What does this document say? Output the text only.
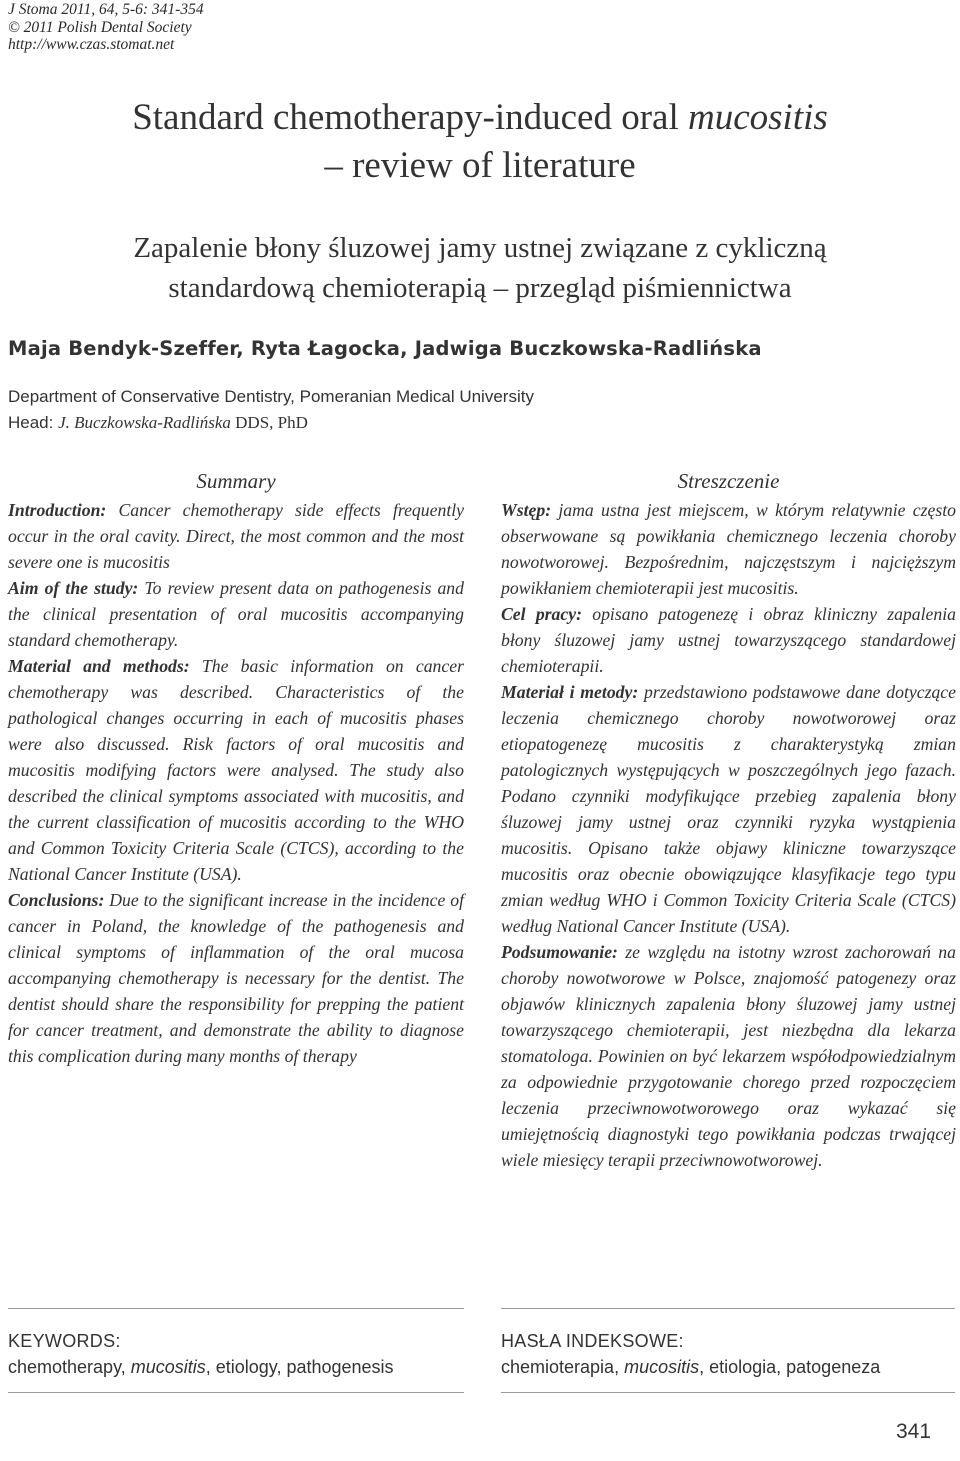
J Stoma 2011, 64, 5-6: 341-354
© 2011 Polish Dental Society
http://www.czas.stomat.net
Standard chemotherapy-induced oral mucositis
– review of literature
Zapalenie błony śluzowej jamy ustnej związane z cykliczną
standardową chemioterapią – przegląd piśmiennictwa
Maja Bendyk-Szeffer, Ryta Łagocka, Jadwiga Buczkowska-Radlińska
Department of Conservative Dentistry, Pomeranian Medical University
Head: J. Buczkowska-Radlińska DDS, PhD
Summary

Introduction: Cancer chemotherapy side effects frequently occur in the oral cavity. Direct, the most common and the most severe one is mucositis

Aim of the study: To review present data on pathogenesis and the clinical presentation of oral mucositis accompanying standard chemotherapy.

Material and methods: The basic information on cancer chemotherapy was described. Characteristics of the pathological changes occurring in each of mucositis phases were also discussed. Risk factors of oral mucositis and mucositis modifying factors were analysed. The study also described the clinical symptoms associated with mucositis, and the current classification of mucositis according to the WHO and Common Toxicity Criteria Scale (CTCS), according to the National Cancer Institute (USA).

Conclusions: Due to the significant increase in the incidence of cancer in Poland, the knowledge of the pathogenesis and clinical symptoms of inflammation of the oral mucosa accompanying chemotherapy is necessary for the dentist. The dentist should share the responsibility for prepping the patient for cancer treatment, and demonstrate the ability to diagnose this complication during many months of therapy

Streszczenie

Wstęp: jama ustna jest miejscem, w którym relatywnie często obserwowane są powikłania chemicznego leczenia choroby nowotworowej. Bezpośrednim, najczęstszym i najcięższym powikłaniem chemioterapii jest mucositis.

Cel pracy: opisano patogenezę i obraz kliniczny zapalenia błony śluzowej jamy ustnej towarzyszącego standardowej chemioterapii.

Materiał i metody: przedstawiono podstawowe dane dotyczące leczenia chemicznego choroby nowotworowej oraz etiopatogenezę mucositis z charakterystyką zmian patologicznych występujących w poszczególnych jego fazach. Podano czynniki modyfikujące przebieg zapalenia błony śluzowej jamy ustnej oraz czynniki ryzyka wystąpienia mucositis. Opisano także objawy kliniczne towarzyszące mucositis oraz obecnie obowiązujące klasyfikacje tego typu zmian według WHO i Common Toxicity Criteria Scale (CTCS) według National Cancer Institute (USA).

Podsumowanie: ze względu na istotny wzrost zachorowań na choroby nowotworowe w Polsce, znajomość patogenezy oraz objawów klinicznych zapalenia błony śluzowej jamy ustnej towarzyszącego chemioterapii, jest niezbędna dla lekarza stomatologa. Powinien on być lekarzem współodpowiedzialnym za odpowiednie przygotowanie chorego przed rozpoczęciem leczenia przeciwnowotworowego oraz wykazać się umiejętnością diagnostyki tego powikłania podczas trwającej wiele miesięcy terapii przeciwnowotworowej.

KEYWORDS:
chemotherapy, mucositis, etiology, pathogenesis
HASŁA INDEKSOWE:
chemioterapia, mucositis, etiologia, patogeneza
341
